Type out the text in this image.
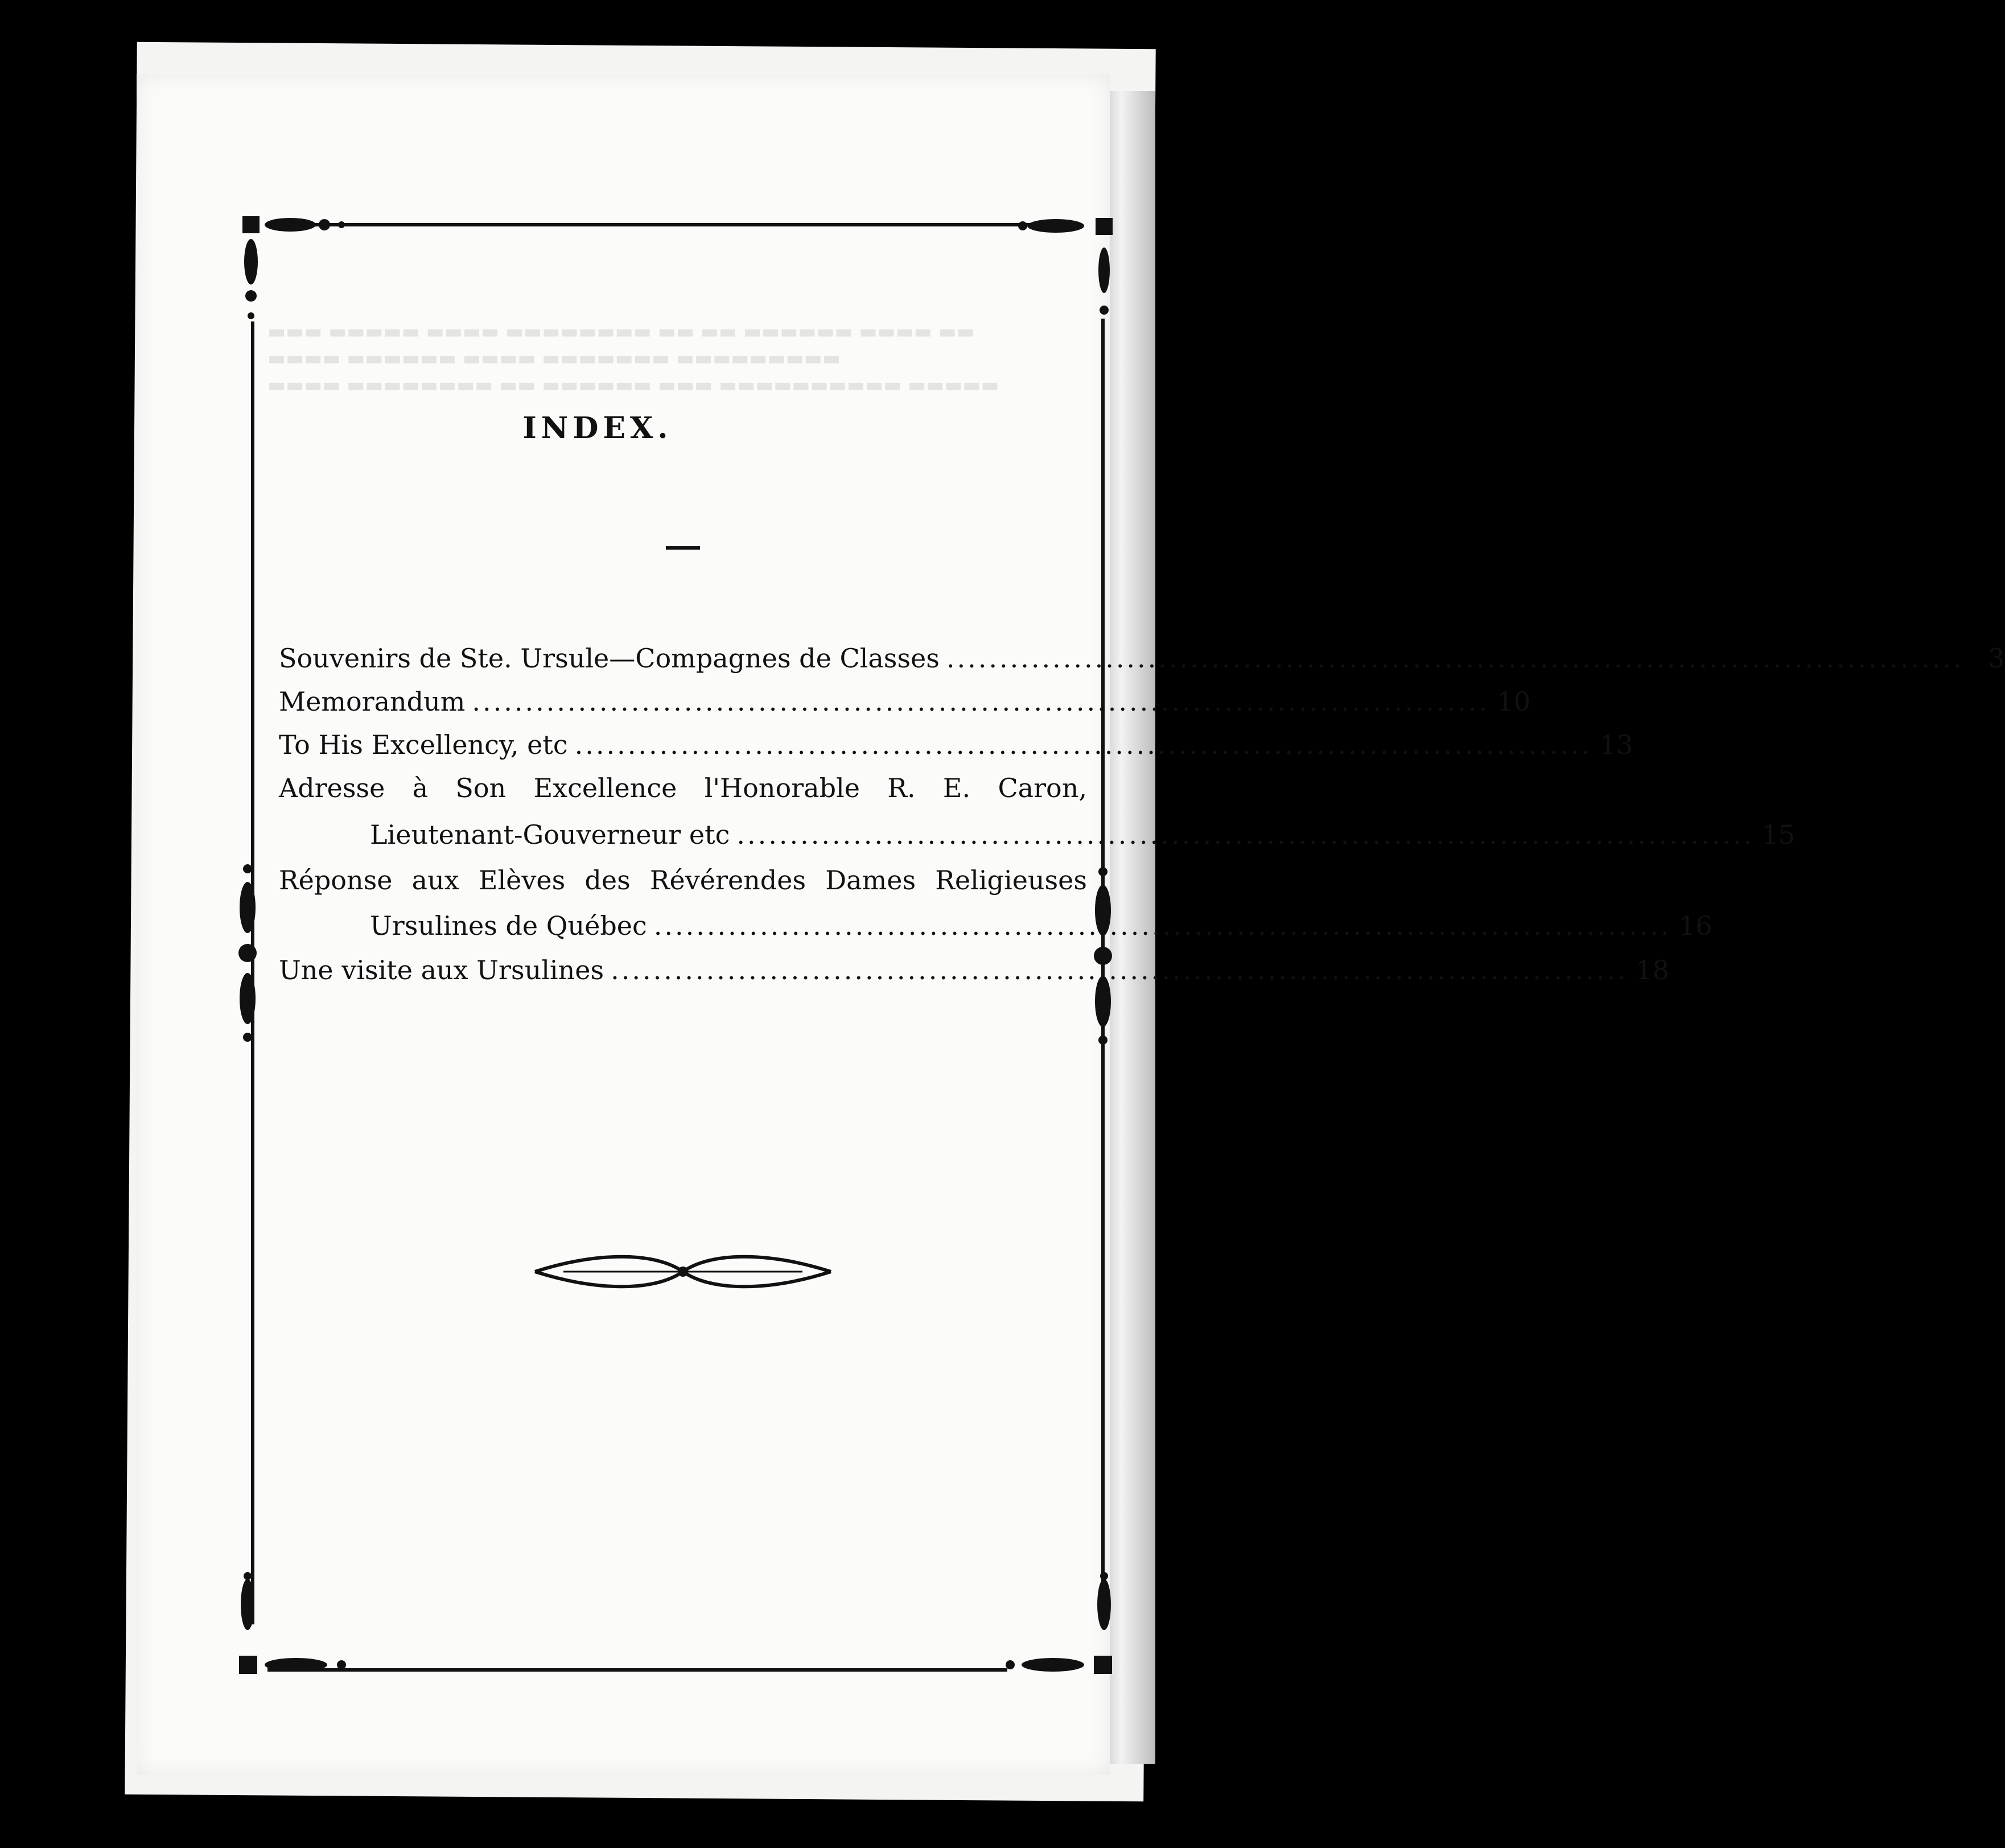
▬▬▬ ▬▬▬▬▬ ▬▬▬▬ ▬▬▬▬▬▬▬▬ ▬▬ ▬▬ ▬▬▬▬▬▬ ▬▬▬▬ ▬▬

▬▬▬▬ ▬▬▬▬▬▬ ▬▬▬▬ ▬▬▬▬▬▬▬ ▬▬▬▬▬▬▬▬▬

▬▬▬▬ ▬▬▬▬▬▬▬▬ ▬▬ ▬▬▬▬▬▬ ▬▬▬ ▬▬▬▬▬▬▬▬▬▬ ▬▬▬▬▬

INDEX.
Souvenirs de Ste. Ursule—Compagnes de Classes ................................................................................................ 3
Memorandum ................................................................................................ 10
To His Excellency, etc ................................................................................................ 13
Adresse à Son Excellence l'Honorable R. E. Caron,
Lieutenant-Gouverneur etc ................................................................................................ 15
Réponse aux Elèves des Révérendes Dames Religieuses
Ursulines de Québec ................................................................................................ 16
Une visite aux Ursulines ................................................................................................ 18
